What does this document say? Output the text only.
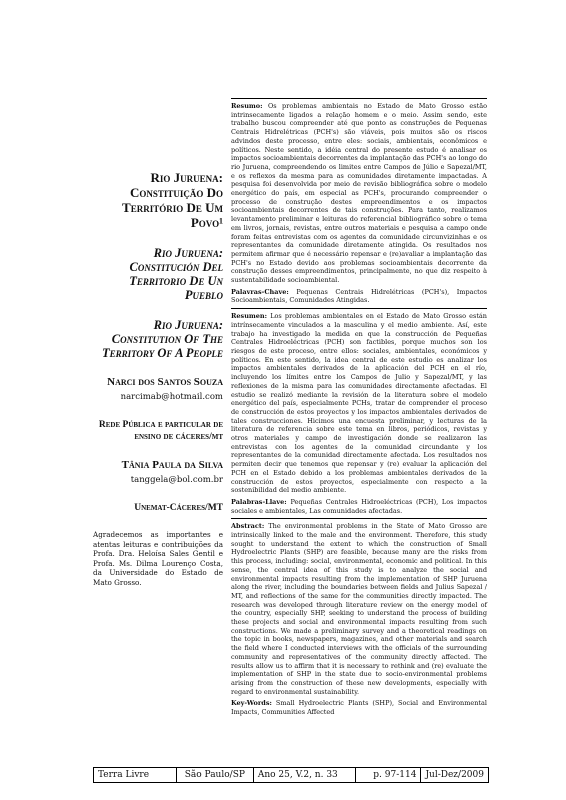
Rio Juruena: Constituição Do Território De Um Povo¹

Rio Juruena: Constitución Del Territorio De Un Pueblo

Rio Juruena: Constitution Of The Territory Of A People

Narci dos Santos Souza

narcimab@hotmail.com

Rede Pública e particular de ensino de cáceres/mt

Tânia Paula da Silva

tanggela@bol.com.br

Unemat-Cáceres/MT

Agradecemos as importantes e atentas leituras e contribuições da Profa. Dra. Heloísa Sales Gentil e Profa. Ms. Dilma Lourenço Costa, da Universidade do Estado de Mato Grosso.

Resumo: Os problemas ambientais no Estado de Mato Grosso estão intrinsecamente ligados a relação homem e o meio. Assim sendo, este trabalho buscou compreender até que ponto as construções de Pequenas Centrais Hidrelétricas (PCH's) são viáveis, pois muitos são os riscos advindos deste processo, entre eles: sociais, ambientais, econômicos e políticos. Neste sentido, a idéia central do presente estudo é analisar os impactos socioambientais decorrentes da implantação das PCH's ao longo do rio Juruena, compreendendo os limites entre Campos de Júlio e Sapezal/MT, e os reflexos da mesma para as comunidades diretamente impactadas. A pesquisa foi desenvolvida por meio de revisão bibliográfica sobre o modelo energético do país, em especial as PCH's, procurando compreender o processo de construção destes empreendimentos e os impactos socioambientais decorrentes de tais construções. Para tanto, realizamos levantamento preliminar e leituras do referencial bibliográfico sobre o tema em livros, jornais, revistas, entre outros materiais e pesquisa a campo onde foram feitas entrevistas com os agentes da comunidade circunvizinhas e os representantes da comunidade diretamente atingida. Os resultados nos permitem afirmar que é necessário repensar e (re)avaliar a implantação das PCH's no Estado devido aos problemas socioambientais decorrente da construção desses empreendimentos, principalmente, no que diz respeito à sustentabilidade socioambiental.

Palavras-Chave: Pequenas Centrais Hidrelétricas (PCH's), Impactos Socioambientais, Comunidades Atingidas.

Resumen: Los problemas ambientales en el Estado de Mato Grosso están intrínsecamente vinculados a la masculina y el medio ambiente. Así, este trabajo ha investigado la medida en que la construcción de Pequeñas Centrales Hidroeléctricas (PCH) son factibles, porque muchos son los riesgos de este proceso, entre ellos: sociales, ambientales, económicos y políticos. En este sentido, la idea central de este estudio es analizar los impactos ambientales derivados de la aplicación del PCH en el río, incluyendo los límites entre los Campos de Julio y Sapezal/MT, y las reflexiones de la misma para las comunidades directamente afectadas. El estudio se realizó mediante la revisión de la literatura sobre el modelo energético del país, especialmente PCHs, tratar de comprender el proceso de construcción de estos proyectos y los impactos ambientales derivados de tales construcciones. Hicimos una encuesta preliminar, y lecturas de la literatura de referencia sobre este tema en libros, periódicos, revistas y otros materiales y campo de investigación donde se realizaron las entrevistas con los agentes de la comunidad circundante y los representantes de la comunidad directamente afectada. Los resultados nos permiten decir que tenemos que repensar y (re) evaluar la aplicación del PCH en el Estado debido a los problemas ambientales derivados de la construcción de estos proyectos, especialmente con respecto a la sostenibilidad del medio ambiente.

Palabras-Llave: Pequeñas Centrales Hidroeléctricas (PCH), Los impactos sociales e ambientales, Las comunidades afectadas.

Abstract: The environmental problems in the State of Mato Grosso are intrinsically linked to the male and the environment. Therefore, this study sought to understand the extent to which the construction of Small Hydroelectric Plants (SHP) are feasible, because many are the risks from this process, including: social, environmental, economic and political. In this sense, the central idea of this study is to analyze the social and environmental impacts resulting from the implementation of SHP Juruena along the river, including the boundaries between fields and Julius Sapezal / MT, and reflections of the same for the communities directly impacted. The research was developed through literature review on the energy model of the country, especially SHP, seeking to understand the process of building these projects and social and environmental impacts resulting from such constructions. We made a preliminary survey and a theoretical readings on the topic in books, newspapers, magazines, and other materials and search the field where I conducted interviews with the officials of the surrounding community and representatives of the community directly affected. The results allow us to affirm that it is necessary to rethink and (re) evaluate the implementation of SHP in the state due to socio-environmental problems arising from the construction of these new developments, especially with regard to environmental sustainability.

Key-Words: Small Hydroelectric Plants (SHP), Social and Environmental Impacts, Communities Affected

Terra Livre	São Paulo/SP	Ano 25, V.2, n. 33	p. 97-114	Jul-Dez/2009
